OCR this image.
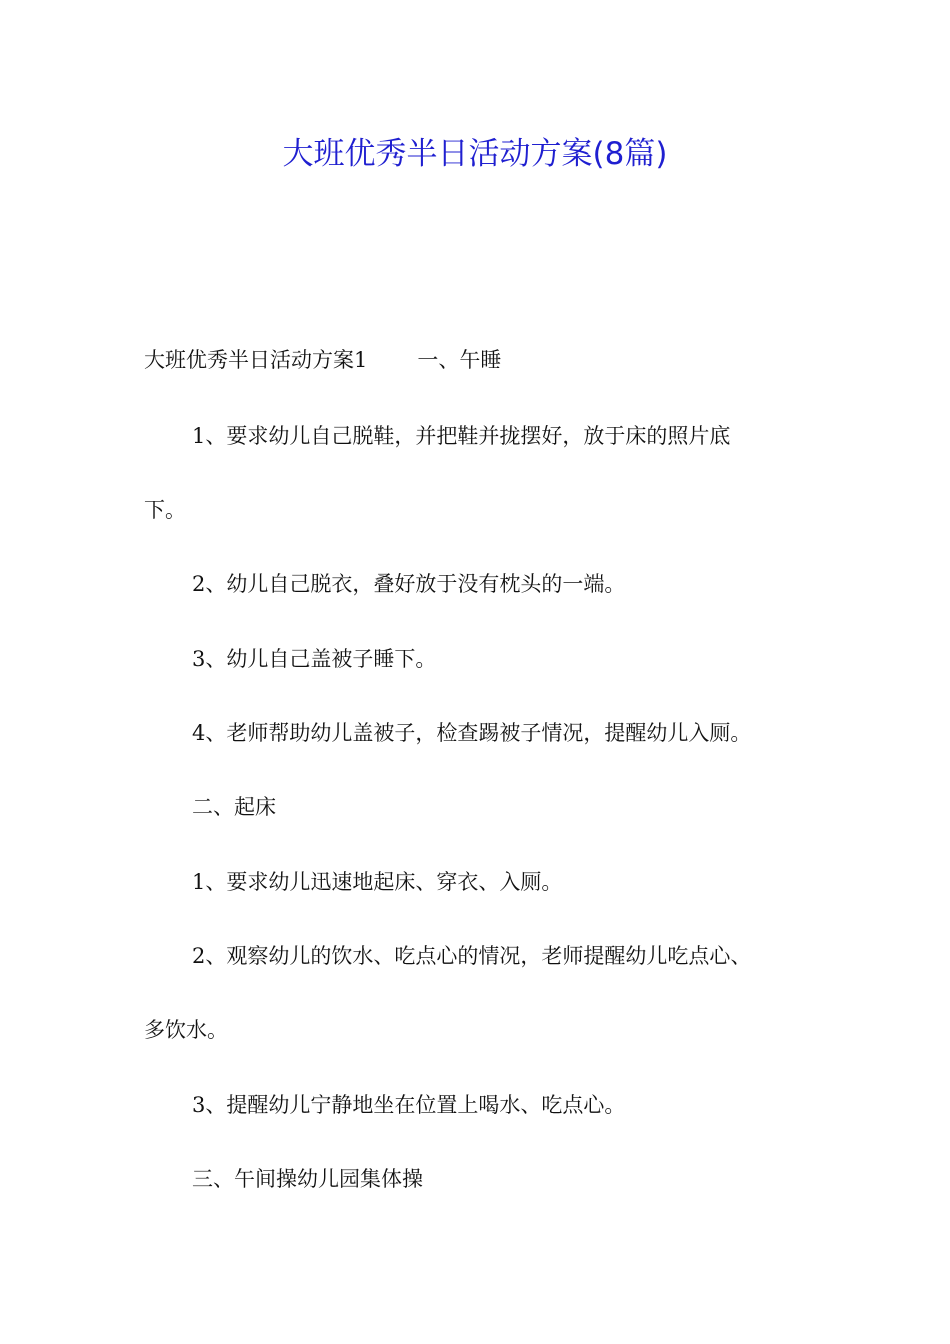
大班优秀半日活动方案(8篇)
大班优秀半日活动方案1 一、午睡
1、要求幼儿自己脱鞋，并把鞋并拢摆好，放于床的照片底
下。
2、幼儿自己脱衣，叠好放于没有枕头的一端。
3、幼儿自己盖被子睡下。
4、老师帮助幼儿盖被子，检查踢被子情况，提醒幼儿入厕。
二、起床
1、要求幼儿迅速地起床、穿衣、入厕。
2、观察幼儿的饮水、吃点心的情况，老师提醒幼儿吃点心、
多饮水。
3、提醒幼儿宁静地坐在位置上喝水、吃点心。
三、午间操幼儿园集体操
